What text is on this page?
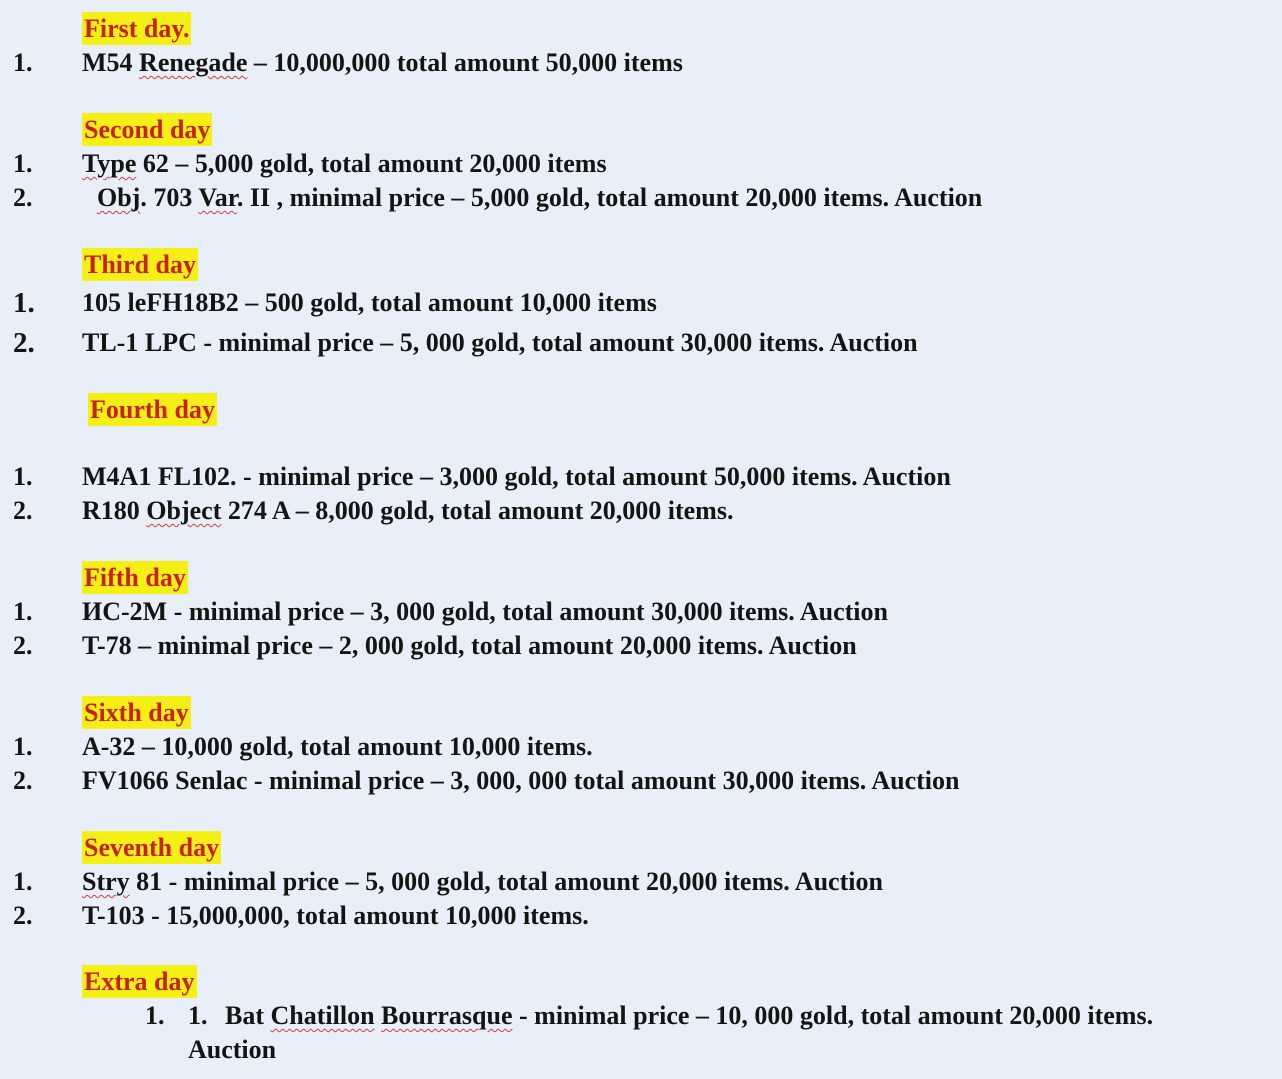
First day.
1.	M54 Renegade – 10,000,000 total amount 50,000 items
Second day
1.	Type 62 – 5,000 gold, total amount 20,000 items
2.	Obj. 703 Var. II , minimal price – 5,000 gold, total amount 20,000 items. Auction
Third day
1.	105 leFH18B2 – 500 gold, total amount 10,000 items
2.	TL-1 LPC - minimal price – 5, 000 gold, total amount 30,000 items. Auction
Fourth day
1.	M4A1 FL102. - minimal price – 3,000 gold, total amount 50,000 items. Auction
2.	R180 Object 274 A – 8,000 gold, total amount 20,000 items.
Fifth day
1.	ИС-2М - minimal price – 3, 000 gold, total amount 30,000 items. Auction
2.	T-78 – minimal price – 2, 000 gold, total amount 20,000 items. Auction
Sixth day
1.	A-32 – 10,000 gold, total amount 10,000 items.
2.	FV1066 Senlac - minimal price – 3, 000, 000 total amount 30,000 items. Auction
Seventh day
1.	Stry 81 - minimal price – 5, 000 gold, total amount 20,000 items. Auction
2.	T-103 - 15,000,000, total amount 10,000 items.
Extra day
1. 1. Bat Chatillon Bourrasque - minimal price – 10, 000 gold, total amount 20,000 items.
Auction
